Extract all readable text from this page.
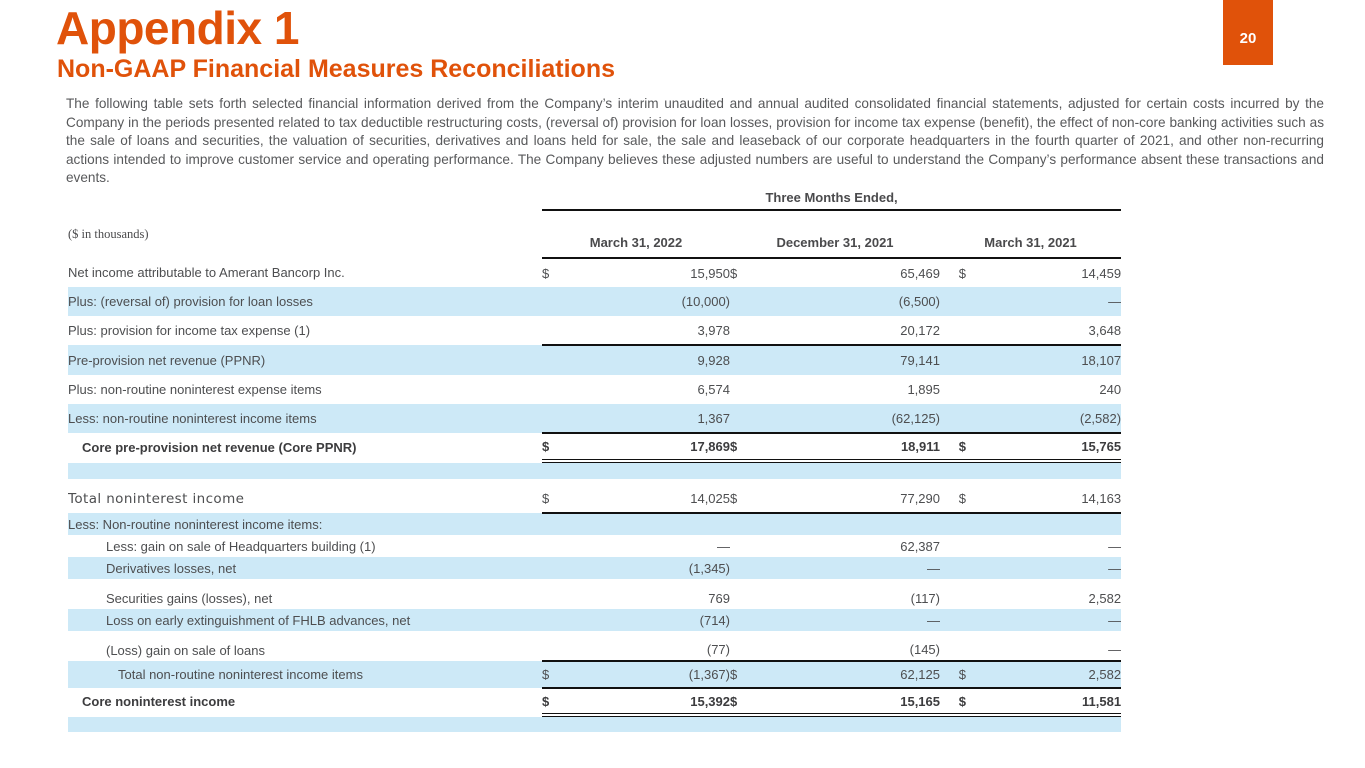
Appendix 1
Non-GAAP Financial Measures Reconciliations
20
The following table sets forth selected financial information derived from the Company’s interim unaudited and annual audited consolidated financial statements, adjusted for certain costs incurred by the Company in the periods presented related to tax deductible restructuring costs, (reversal of) provision for loan losses, provision for income tax expense (benefit), the effect of non-core banking activities such as the sale of loans and securities, the valuation of securities, derivatives and loans held for sale, the sale and leaseback of our corporate headquarters in the fourth quarter of 2021, and other non-recurring actions intended to improve customer service and operating performance. The Company believes these adjusted numbers are useful to understand the Company’s performance absent these transactions and events.
	Three Months Ended,					
($ in thousands)	March 31, 2022		December 31, 2021		March 31, 2021	
Net income attributable to Amerant Bancorp Inc.	$	15,950	$	65,469	$	14,459
Plus: (reversal of) provision for loan losses		(10,000)		(6,500)		—
Plus: provision for income tax expense (1)		3,978		20,172		3,648
Pre-provision net revenue (PPNR)		9,928		79,141		18,107
Plus: non-routine noninterest expense items		6,574		1,895		240
Less: non-routine noninterest income items		1,367		(62,125)		(2,582)
Core pre-provision net revenue (Core PPNR)	$	17,869	$	18,911	$	15,765

Total noninterest income	$	14,025	$	77,290	$	14,163
Less: Non-routine noninterest income items:						
Less: gain on sale of Headquarters building (1)		—		62,387		—
Derivatives losses, net		(1,345)		—		—

Securities gains (losses), net		769		(117)		2,582
Loss on early extinguishment of FHLB advances, net		(714)		—		—

(Loss) gain on sale of loans		(77)		(145)		—
Total non-routine noninterest income items	$	(1,367)	$	62,125	$	2,582
Core noninterest income	$	15,392	$	15,165	$	11,581
